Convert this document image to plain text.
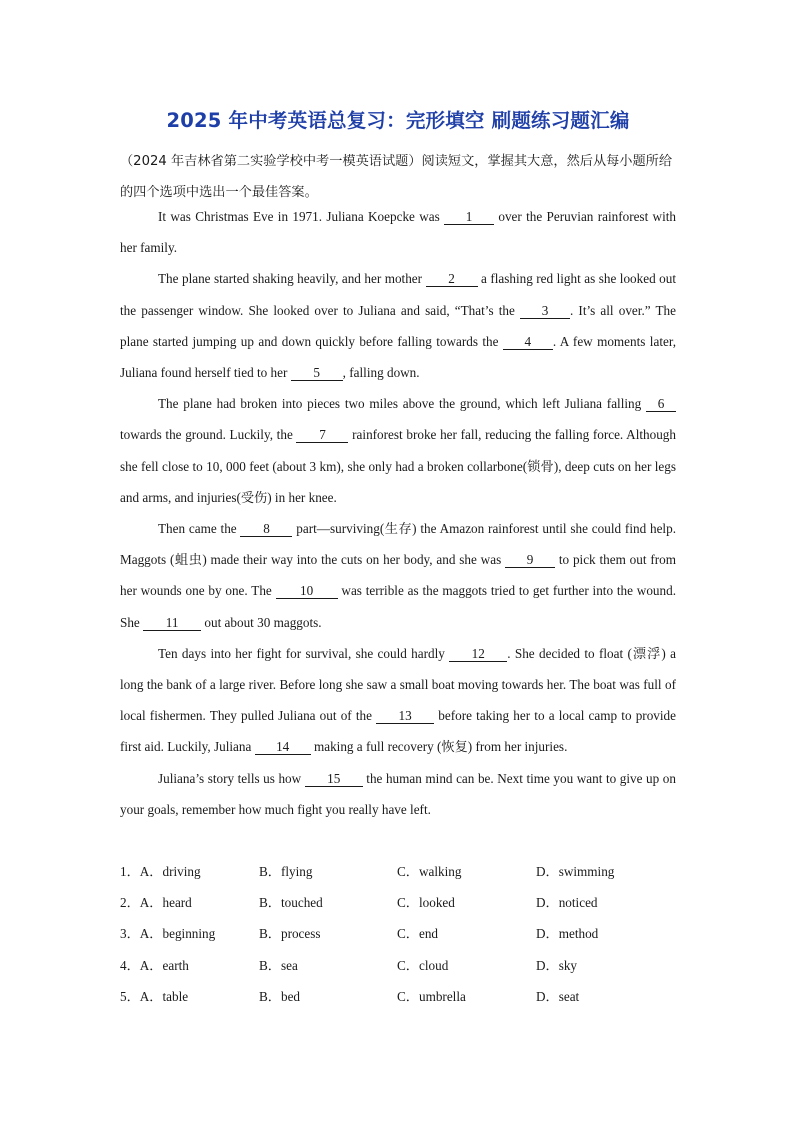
2025 年中考英语总复习：完形填空 刷题练习题汇编
（2024 年吉林省第二实验学校中考一模英语试题）阅读短文，掌握其大意，然后从每小题所给的四个选项中选出一个最佳答案。

It was Christmas Eve in 1971. Juliana Koepcke was 1 over the Peruvian rainforest with her family.

The plane started shaking heavily, and her mother 2 a flashing red light as she looked out the passenger window. She looked over to Juliana and said, “That’s the 3 . It’s all over.” The plane started jumping up and down quickly before falling towards the 4 . A few moments later, Juliana found herself tied to her 5 , falling down.

The plane had broken into pieces two miles above the ground, which left Juliana falling 6 towards the ground. Luckily, the 7 rainforest broke her fall, reducing the falling force. Although she fell close to 10, 000 feet (about 3 km), she only had a broken collarbone(锁骨), deep cuts on her legs and arms, and injuries(受伤) in her knee.

Then came the 8 part—surviving(生存) the Amazon rainforest until she could find help. Maggots (蛆虫) made their way into the cuts on her body, and she was 9 to pick them out from her wounds one by one. The 10 was terrible as the maggots tried to get further into the wound. She 11 out about 30 maggots.

Ten days into her fight for survival, she could hardly 12 . She decided to float (漂浮) a long the bank of a large river. Before long she saw a small boat moving towards her. The boat was full of local fishermen. They pulled Juliana out of the 13 before taking her to a local camp to provide first aid. Luckily, Juliana 14 making a full recovery (恢复) from her injuries.

Juliana’s story tells us how 15 the human mind can be. Next time you want to give up on your goals, remember how much fight you really have left.

1．A．driving	B．flying	C．walking	D．swimming
2．A．heard	B．touched	C．looked	D．noticed
3．A．beginning	B．process	C．end	D．method
4．A．earth	B．sea	C．cloud	D．sky
5．A．table	B．bed	C．umbrella	D．seat
